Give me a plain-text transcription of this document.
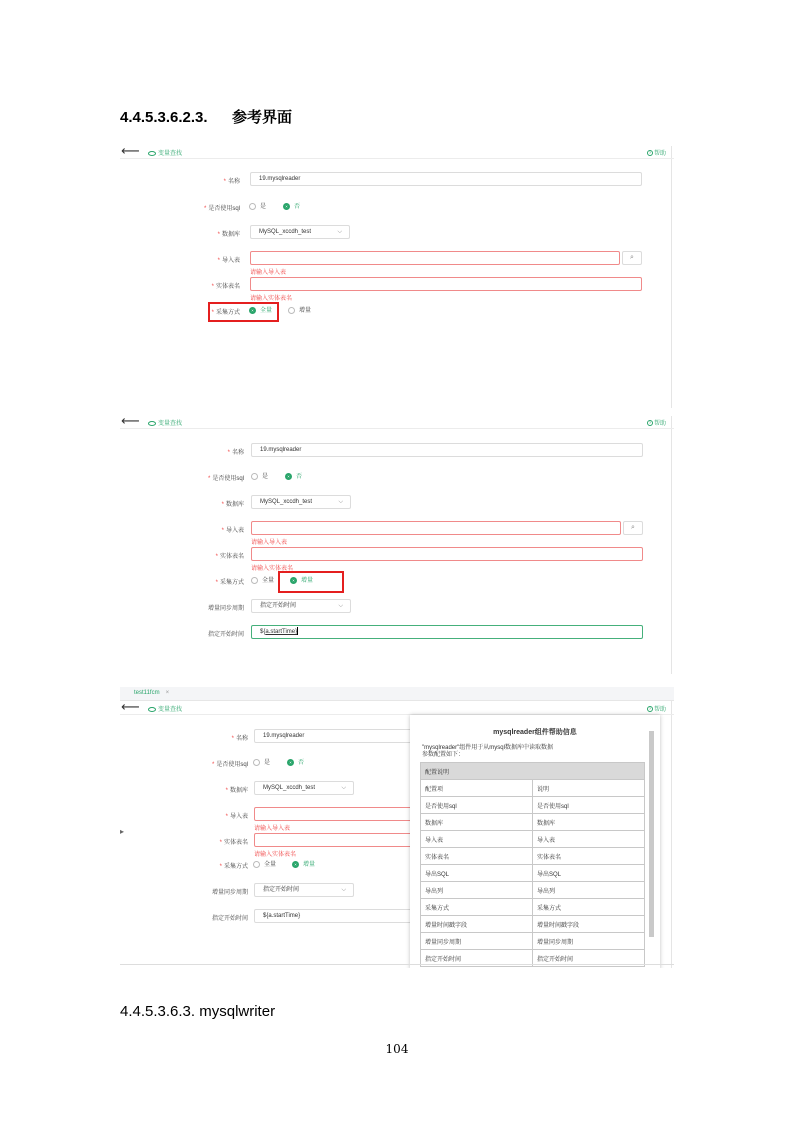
4.4.5.3.6.2.3. 参考界面
⟵	变量查找	? 帮助
* 名称	19.mysqlreader
* 是否使用sql	是	否
* 数据库	MySQL_xccdh_test	⌵
* 导入表	⌕
请输入导入表
* 实体表名
请输入实体表名
* 采集方式	全量	增量
⟵	变量查找	? 帮助
* 名称	19.mysqlreader
* 是否使用sql	是	否
* 数据库	MySQL_xccdh_test	⌵
* 导入表	⌕
请输入导入表
* 实体表名
请输入实体表名
* 采集方式	全量	增量
增量同步周期	指定开始时间	⌵
指定开始时间	${a.startTime}
test11fcm ×
⟵	变量查找	? 帮助
▸
* 名称	19.mysqlreader
* 是否使用sql	是	否
* 数据库	MySQL_xccdh_test	⌵
* 导入表
请输入导入表
* 实体表名
请输入实体表名
* 采集方式	全量	增量
增量同步周期	指定开始时间	⌵
指定开始时间	${a.startTime}
mysqlreader组件帮助信息
"mysqlreader"组件用于从mysql数据库中读取数据
参数配置如下：
配置说明	
配置项	说明
是否使用sql	是否使用sql
数据库	数据库
导入表	导入表
实体表名	实体表名
导出SQL	导出SQL
导出列	导出列
采集方式	采集方式
增量时间戳字段	增量时间戳字段
增量同步周期	增量同步周期
指定开始时间	指定开始时间
4.4.5.3.6.3. mysqlwriter
104
